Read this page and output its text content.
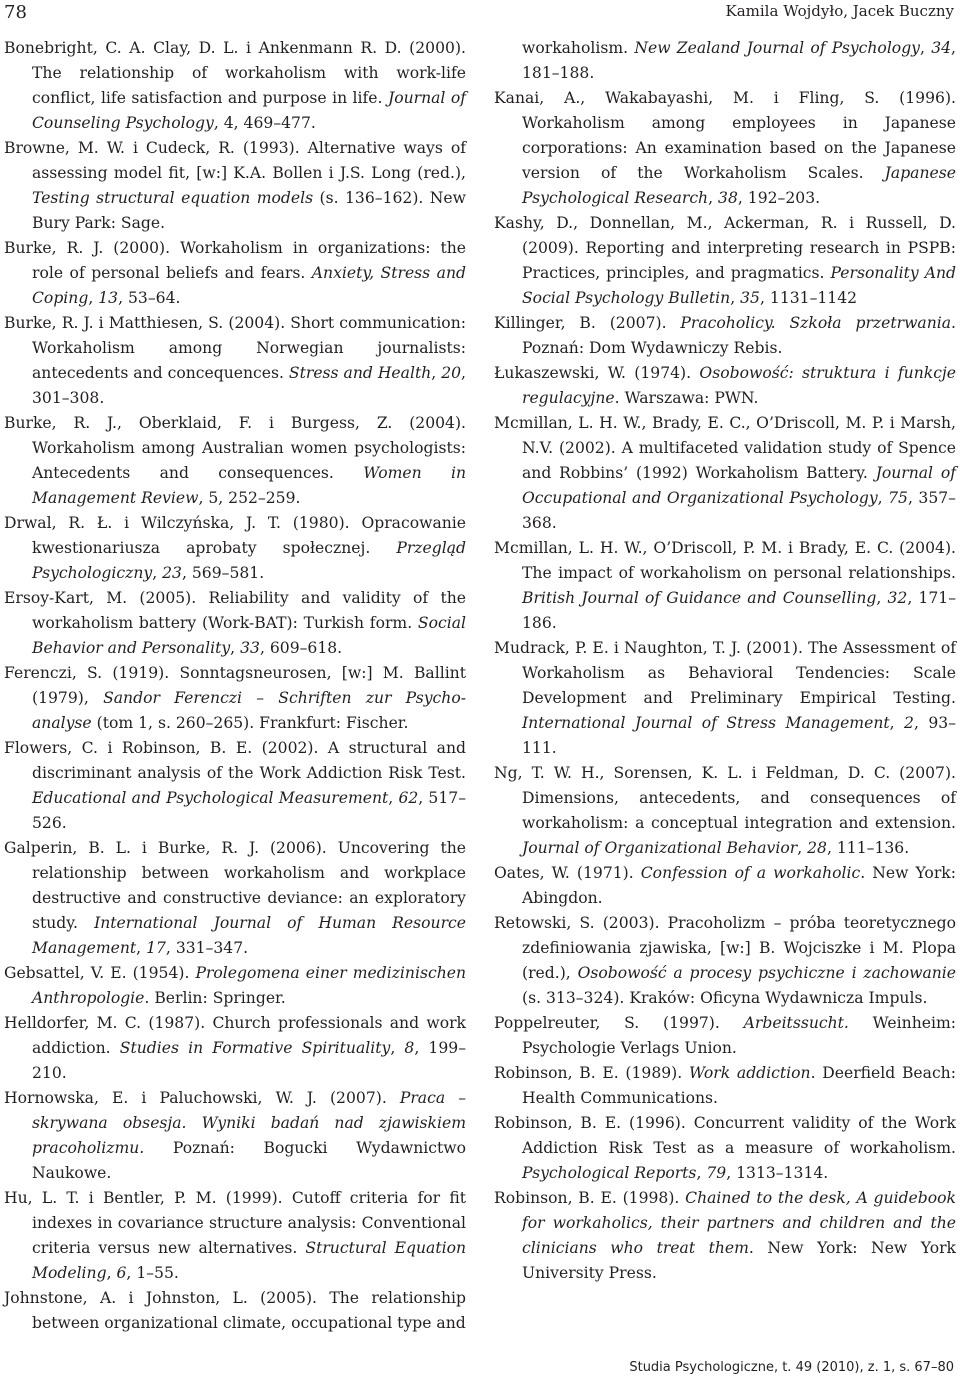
78	Kamila Wojdyło, Jacek Buczny

Bonebright, C. A. Clay, D. L. i Ankenmann R. D. (2000). The relationship of workaholism with work-life conflict, life satisfaction and purpose in life. Journal of Counseling Psychology, 4, 469–477.

Browne, M. W. i Cudeck, R. (1993). Alternative ways of assessing model fit, [w:] K.A. Bollen i J.S. Long (red.), Testing structural equation models (s. 136–162). New Bury Park: Sage.

Burke, R. J. (2000). Workaholism in organizations: the role of personal beliefs and fears. Anxiety, Stress and Coping, 13, 53–64.

Burke, R. J. i Matthiesen, S. (2004). Short communication: Workaholism among Norwegian journalists: antecedents and concequences. Stress and Health, 20, 301–308.

Burke, R. J., Oberklaid, F. i Burgess, Z. (2004). Workaholism among Australian women psychologists: Antecedents and consequences. Women in Management Review, 5, 252–259.

Drwal, R. Ł. i Wilczyńska, J. T. (1980). Opracowanie kwestionariusza aprobaty społecznej. Przegląd Psychologiczny, 23, 569–581.

Ersoy-Kart, M. (2005). Reliability and validity of the workaholism battery (Work-BAT): Turkish form. Social Behavior and Personality, 33, 609–618.

Ferenczi, S. (1919). Sonntagsneurosen, [w:] M. Ballint (1979), Sandor Ferenczi – Schriften zur Psycho-analyse (tom 1, s. 260–265). Frankfurt: Fischer.

Flowers, C. i Robinson, B. E. (2002). A structural and discriminant analysis of the Work Addiction Risk Test. Educational and Psychological Measurement, 62, 517–526.

Galperin, B. L. i Burke, R. J. (2006). Uncovering the relationship between workaholism and workplace destructive and constructive deviance: an exploratory study. International Journal of Human Resource Management, 17, 331–347.

Gebsattel, V. E. (1954). Prolegomena einer medizinischen Anthropologie. Berlin: Springer.

Helldorfer, M. C. (1987). Church professionals and work addiction. Studies in Formative Spirituality, 8, 199–210.

Hornowska, E. i Paluchowski, W. J. (2007). Praca – skrywana obsesja. Wyniki badań nad zjawiskiem pracoholizmu. Poznań: Bogucki Wydawnictwo Naukowe.

Hu, L. T. i Bentler, P. M. (1999). Cutoff criteria for fit indexes in covariance structure analysis: Conventional criteria versus new alternatives. Structural Equation Modeling, 6, 1–55.

Johnstone, A. i Johnston, L. (2005). The relationship between organizational climate, occupational type and

workaholism. New Zealand Journal of Psychology, 34, 181–188.

Kanai, A., Wakabayashi, M. i Fling, S. (1996). Workaholism among employees in Japanese corporations: An examination based on the Japanese version of the Workaholism Scales. Japanese Psychological Research, 38, 192–203.

Kashy, D., Donnellan, M., Ackerman, R. i Russell, D. (2009). Reporting and interpreting research in PSPB: Practices, principles, and pragmatics. Personality And Social Psychology Bulletin, 35, 1131–1142

Killinger, B. (2007). Pracoholicy. Szkoła przetrwania. Poznań: Dom Wydawniczy Rebis.

Łukaszewski, W. (1974). Osobowość: struktura i funkcje regulacyjne. Warszawa: PWN.

Mcmillan, L. H. W., Brady, E. C., O’Driscoll, M. P. i Marsh, N.V. (2002). A multifaceted validation study of Spence and Robbins’ (1992) Workaholism Battery. Journal of Occupational and Organizational Psychology, 75, 357–368.

Mcmillan, L. H. W., O’Driscoll, P. M. i Brady, E. C. (2004). The impact of workaholism on personal relationships. British Journal of Guidance and Counselling, 32, 171–186.

Mudrack, P. E. i Naughton, T. J. (2001). The Assessment of Workaholism as Behavioral Tendencies: Scale Development and Preliminary Empirical Testing. International Journal of Stress Management, 2, 93–111.

Ng, T. W. H., Sorensen, K. L. i Feldman, D. C. (2007). Dimensions, antecedents, and consequences of workaholism: a conceptual integration and extension. Journal of Organizational Behavior, 28, 111–136.

Oates, W. (1971). Confession of a workaholic. New York: Abingdon.

Retowski, S. (2003). Pracoholizm – próba teoretycznego zdefiniowania zjawiska, [w:] B. Wojciszke i M. Plopa (red.), Osobowość a procesy psychiczne i zachowanie (s. 313–324). Kraków: Oficyna Wydawnicza Impuls.

Poppelreuter, S. (1997). Arbeitssucht. Weinheim: Psychologie Verlags Union.

Robinson, B. E. (1989). Work addiction. Deerfield Beach: Health Communications.

Robinson, B. E. (1996). Concurrent validity of the Work Addiction Risk Test as a measure of workaholism. Psychological Reports, 79, 1313–1314.

Robinson, B. E. (1998). Chained to the desk, A guidebook for workaholics, their partners and children and the clinicians who treat them. New York: New York University Press.

Studia Psychologiczne, t. 49 (2010), z. 1, s. 67–80
